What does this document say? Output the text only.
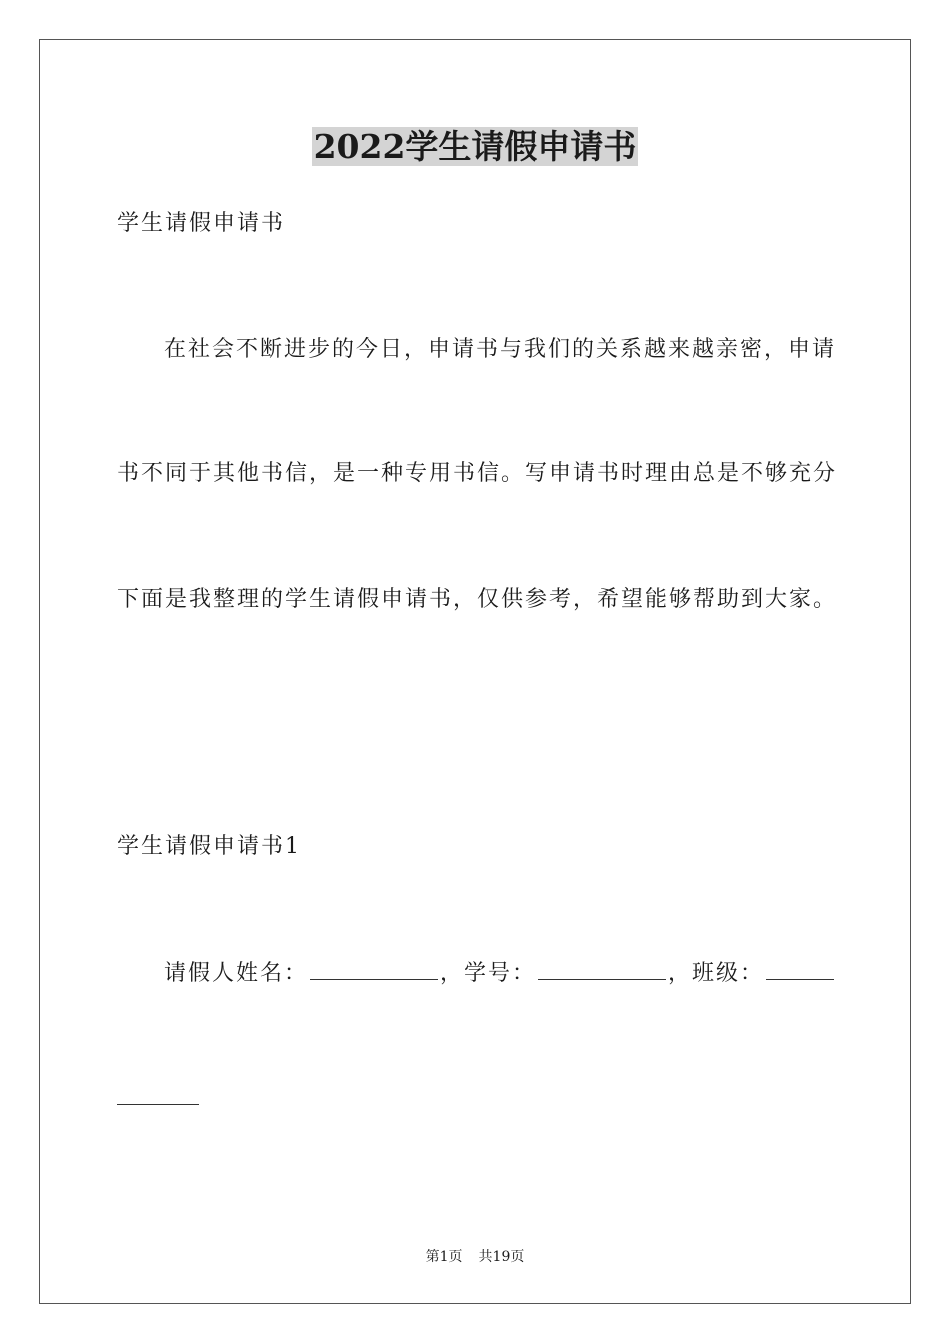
2022学生请假申请书
学生请假申请书
在社会不断进步的今日，申请书与我们的关系越来越亲密，申请
书不同于其他书信，是一种专用书信。写申请书时理由总是不够充分
下面是我整理的学生请假申请书，仅供参考，希望能够帮助到大家。
学生请假申请书1
请假人姓名：	，学号：	，班级：
第1页 共19页
